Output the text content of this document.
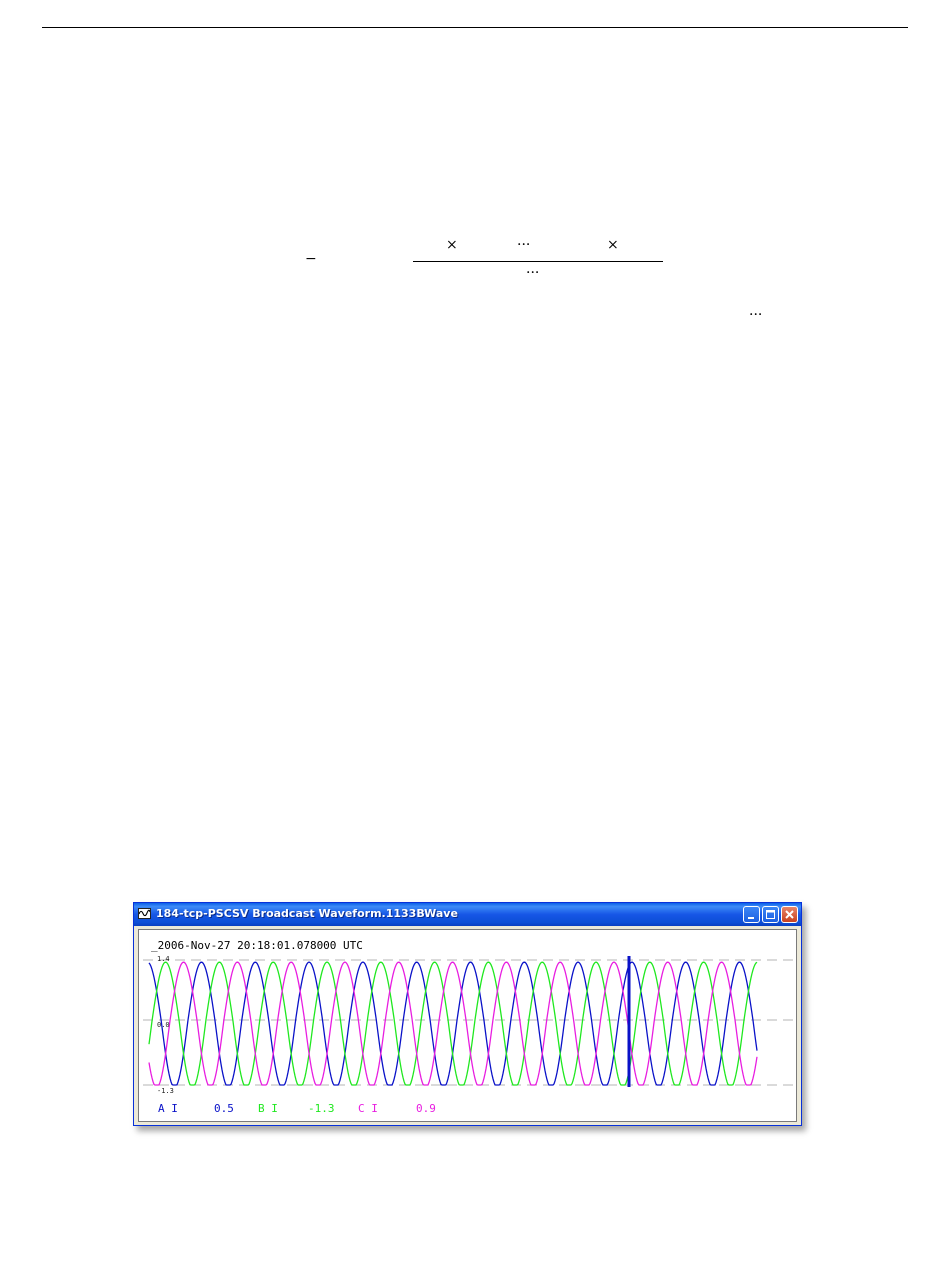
−
×	···	×
···
···
184-tcp-PSCSV Broadcast Waveform.1133BWave
_2006-Nov-27 20:18:01.078000 UTC
1.4
0.0
-1.3
A I	0.5 B I	-1.3 C I	0.9
